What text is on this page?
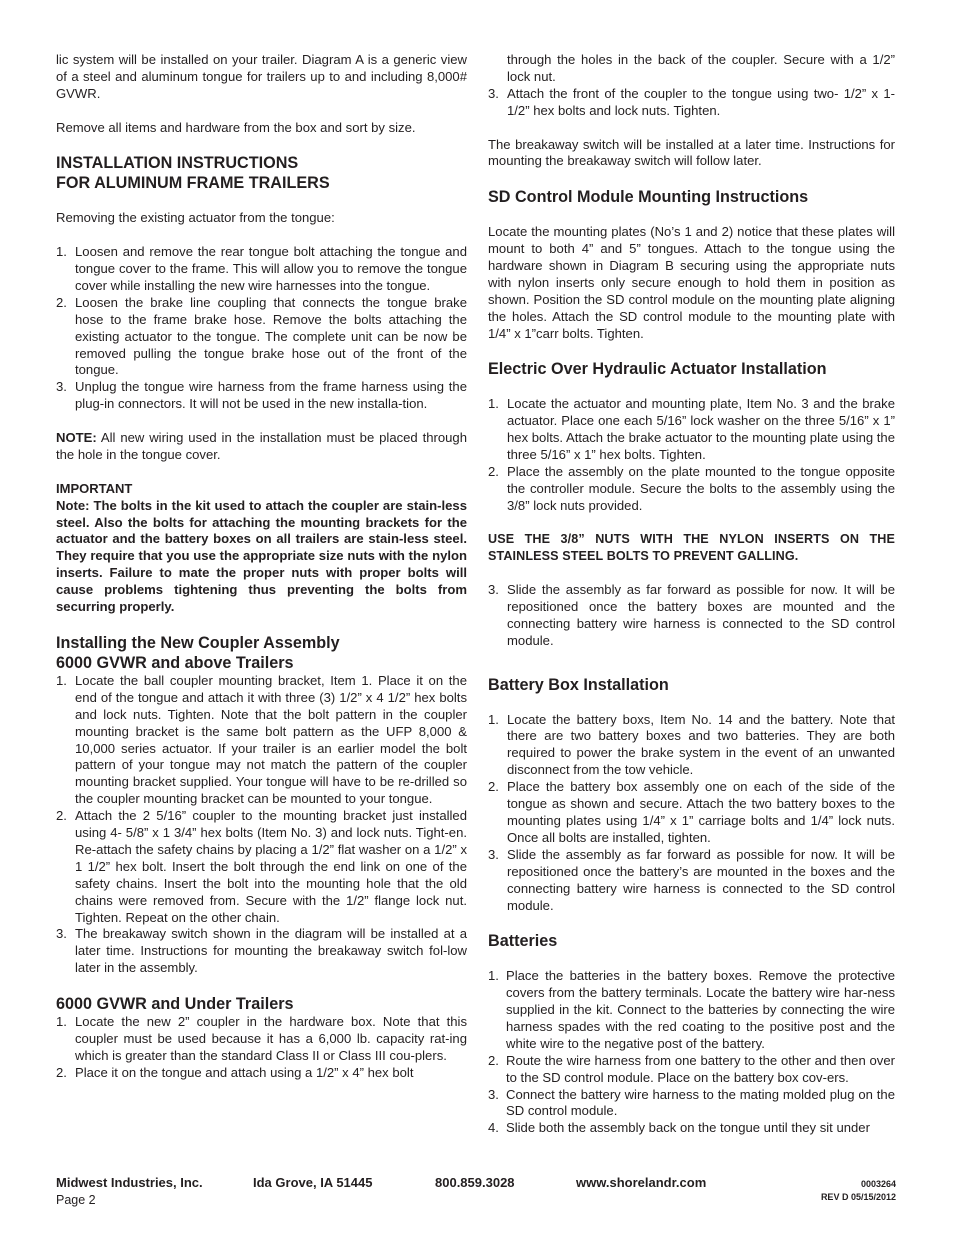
lic system will be installed on your trailer. Diagram A is a generic view of a steel and aluminum tongue for trailers up to and including 8,000# GVWR.

Remove all items and hardware from the box and sort by size.

INSTALLATION INSTRUCTIONS

FOR ALUMINUM FRAME TRAILERS

Removing the existing actuator from the tongue:

1. Loosen and remove the rear tongue bolt attaching the tongue and tongue cover to the frame. This will allow you to remove the tongue cover while installing the new wire harnesses into the tongue.
2. Loosen the brake line coupling that connects the tongue brake hose to the frame brake hose. Remove the bolts attaching the existing actuator to the tongue. The complete unit can be now be removed pulling the tongue brake hose out of the front of the tongue.
3. Unplug the tongue wire harness from the frame harness using the plug-in connectors. It will not be used in the new installa-tion.

NOTE: All new wiring used in the installation must be placed through the hole in the tongue cover.

IMPORTANT

Note: The bolts in the kit used to attach the coupler are stain-less steel. Also the bolts for attaching the mounting brackets for the actuator and the battery boxes on all trailers are stain-less steel. They require that you use the appropriate size nuts with the nylon inserts. Failure to mate the proper nuts with proper bolts will cause problems tightening thus preventing the bolts from securring properly.

Installing the New Coupler Assembly

6000 GVWR and above Trailers

1. Locate the ball coupler mounting bracket, Item 1. Place it on the end of the tongue and attach it with three (3) 1/2” x 4 1/2” hex bolts and lock nuts. Tighten. Note that the bolt pattern in the coupler mounting bracket is the same bolt pattern as the UFP 8,000 & 10,000 series actuator. If your trailer is an earlier model the bolt pattern of your tongue may not match the pattern of the coupler mounting bracket supplied. Your tongue will have to be re-drilled so the coupler mounting bracket can be mounted to your tongue.
2. Attach the 2 5/16” coupler to the mounting bracket just installed using 4- 5/8” x 1 3/4” hex bolts (Item No. 3) and lock nuts. Tight-en. Re-attach the safety chains by placing a 1/2” flat washer on a 1/2” x 1 1/2” hex bolt. Insert the bolt through the end link on one of the safety chains. Insert the bolt into the mounting hole that the old chains were removed from. Secure with the 1/2” flange lock nut. Tighten. Repeat on the other chain.
3. The breakaway switch shown in the diagram will be installed at a later time. Instructions for mounting the breakaway switch fol-low later in the assembly.

6000 GVWR and Under Trailers

1. Locate the new 2” coupler in the hardware box. Note that this coupler must be used because it has a 6,000 lb. capacity rat-ing which is greater than the standard Class II or Class III cou-plers.
2. Place it on the tongue and attach using a 1/2” x 4” hex bolt
through the holes in the back of the coupler. Secure with a 1/2” lock nut.
3. Attach the front of the coupler to the tongue using two- 1/2” x 1-1/2” hex bolts and lock nuts. Tighten.

The breakaway switch will be installed at a later time. Instructions for mounting the breakaway switch will follow later.

SD Control Module Mounting Instructions

Locate the mounting plates (No’s 1 and 2) notice that these plates will mount to both 4” and 5” tongues. Attach to the tongue using the hardware shown in Diagram B securing using the appropriate nuts with nylon inserts only secure enough to hold them in position as shown. Position the SD control module on the mounting plate aligning the holes. Attach the SD control module to the mounting plate with 1/4” x 1”carr bolts. Tighten.

Electric Over Hydraulic Actuator Installation

1. Locate the actuator and mounting plate, Item No. 3 and the brake actuator. Place one each 5/16” lock washer on the three 5/16” x 1” hex bolts. Attach the brake actuator to the mounting plate using the three 5/16” x 1” hex bolts. Tighten.
2. Place the assembly on the plate mounted to the tongue opposite the controller module. Secure the bolts to the assembly using the 3/8” lock nuts provided.

USE THE 3/8” NUTS WITH THE NYLON INSERTS ON THE STAINLESS STEEL BOLTS TO PREVENT GALLING.

3. Slide the assembly as far forward as possible for now. It will be repositioned once the battery boxes are mounted and the connecting battery wire harness is connected to the SD control module.

Battery Box Installation

1. Locate the battery boxs, Item No. 14 and the battery. Note that there are two battery boxes and two batteries. They are both required to power the brake system in the event of an unwanted disconnect from the tow vehicle.
2. Place the battery box assembly one on each of the side of the tongue as shown and secure. Attach the two battery boxes to the mounting plates using 1/4” x 1” carriage bolts and 1/4” lock nuts. Once all bolts are installed, tighten.
3. Slide the assembly as far forward as possible for now. It will be repositioned once the battery’s are mounted in the boxes and the connecting battery wire harness is connected to the SD control module.

Batteries

1. Place the batteries in the battery boxes. Remove the protective covers from the battery terminals. Locate the battery wire har-ness supplied in the kit. Connect to the batteries by connecting the wire harness spades with the red coating to the positive post and the white wire to the negative post of the battery.
2. Route the wire harness from one battery to the other and then over to the SD control module. Place on the battery box cov-ers.
3. Connect the battery wire harness to the mating molded plug on the SD control module.
4. Slide both the assembly back on the tongue until they sit under
Midwest Industries, Inc.	Ida Grove, IA 51445	800.859.3028	www.shorelandr.com
Page 2
0003264
REV D 05/15/2012
